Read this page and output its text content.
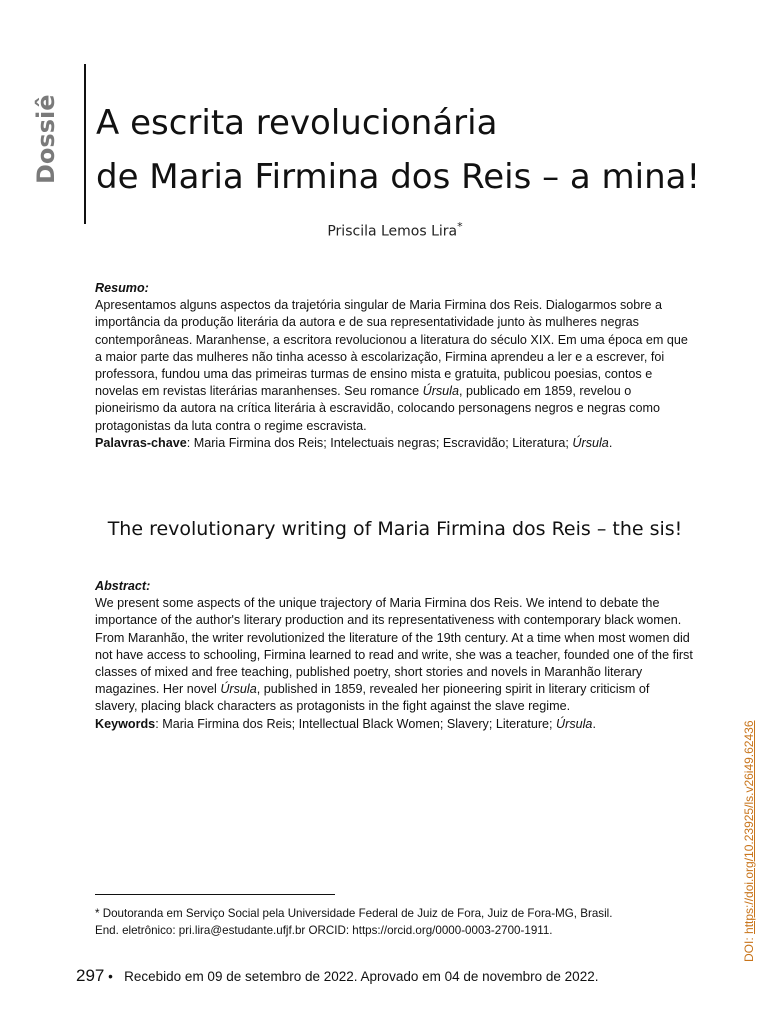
Dossiê A escrita revolucionária
de Maria Firmina dos Reis – a mina!
Priscila Lemos Lira*
Resumo:
Apresentamos alguns aspectos da trajetória singular de Maria Firmina dos Reis. Dialogarmos sobre a importância da produção literária da autora e de sua representatividade junto às mulheres negras contemporâneas. Maranhense, a escritora revolucionou a literatura do século XIX. Em uma época em que a maior parte das mulheres não tinha acesso à escolarização, Firmina aprendeu a ler e a escrever, foi professora, fundou uma das primeiras turmas de ensino mista e gratuita, publicou poesias, contos e novelas em revistas literárias maranhenses. Seu romance Úrsula, publicado em 1859, revelou o pioneirismo da autora na crítica literária à escravidão, colocando personagens negros e negras como protagonistas da luta contra o regime escravista.
Palavras-chave: Maria Firmina dos Reis; Intelectuais negras; Escravidão; Literatura; Úrsula.
The revolutionary writing of Maria Firmina dos Reis – the sis!
Abstract:
We present some aspects of the unique trajectory of Maria Firmina dos Reis. We intend to debate the importance of the author's literary production and its representativeness with contemporary black women. From Maranhão, the writer revolutionized the literature of the 19th century. At a time when most women did not have access to schooling, Firmina learned to read and write, she was a teacher, founded one of the first classes of mixed and free teaching, published poetry, short stories and novels in Maranhão literary magazines. Her novel Úrsula, published in 1859, revealed her pioneering spirit in literary criticism of slavery, placing black characters as protagonists in the fight against the slave regime.
Keywords: Maria Firmina dos Reis; Intellectual Black Women; Slavery; Literature; Úrsula.
* Doutoranda em Serviço Social pela Universidade Federal de Juiz de Fora, Juiz de Fora-MG, Brasil.
End. eletrônico: pri.lira@estudante.ufjf.br ORCID: https://orcid.org/0000-0003-2700-1911.
297 • Recebido em 09 de setembro de 2022. Aprovado em 04 de novembro de 2022.
DOI: https://doi.org/10.23925/ls.v26i49.62436
